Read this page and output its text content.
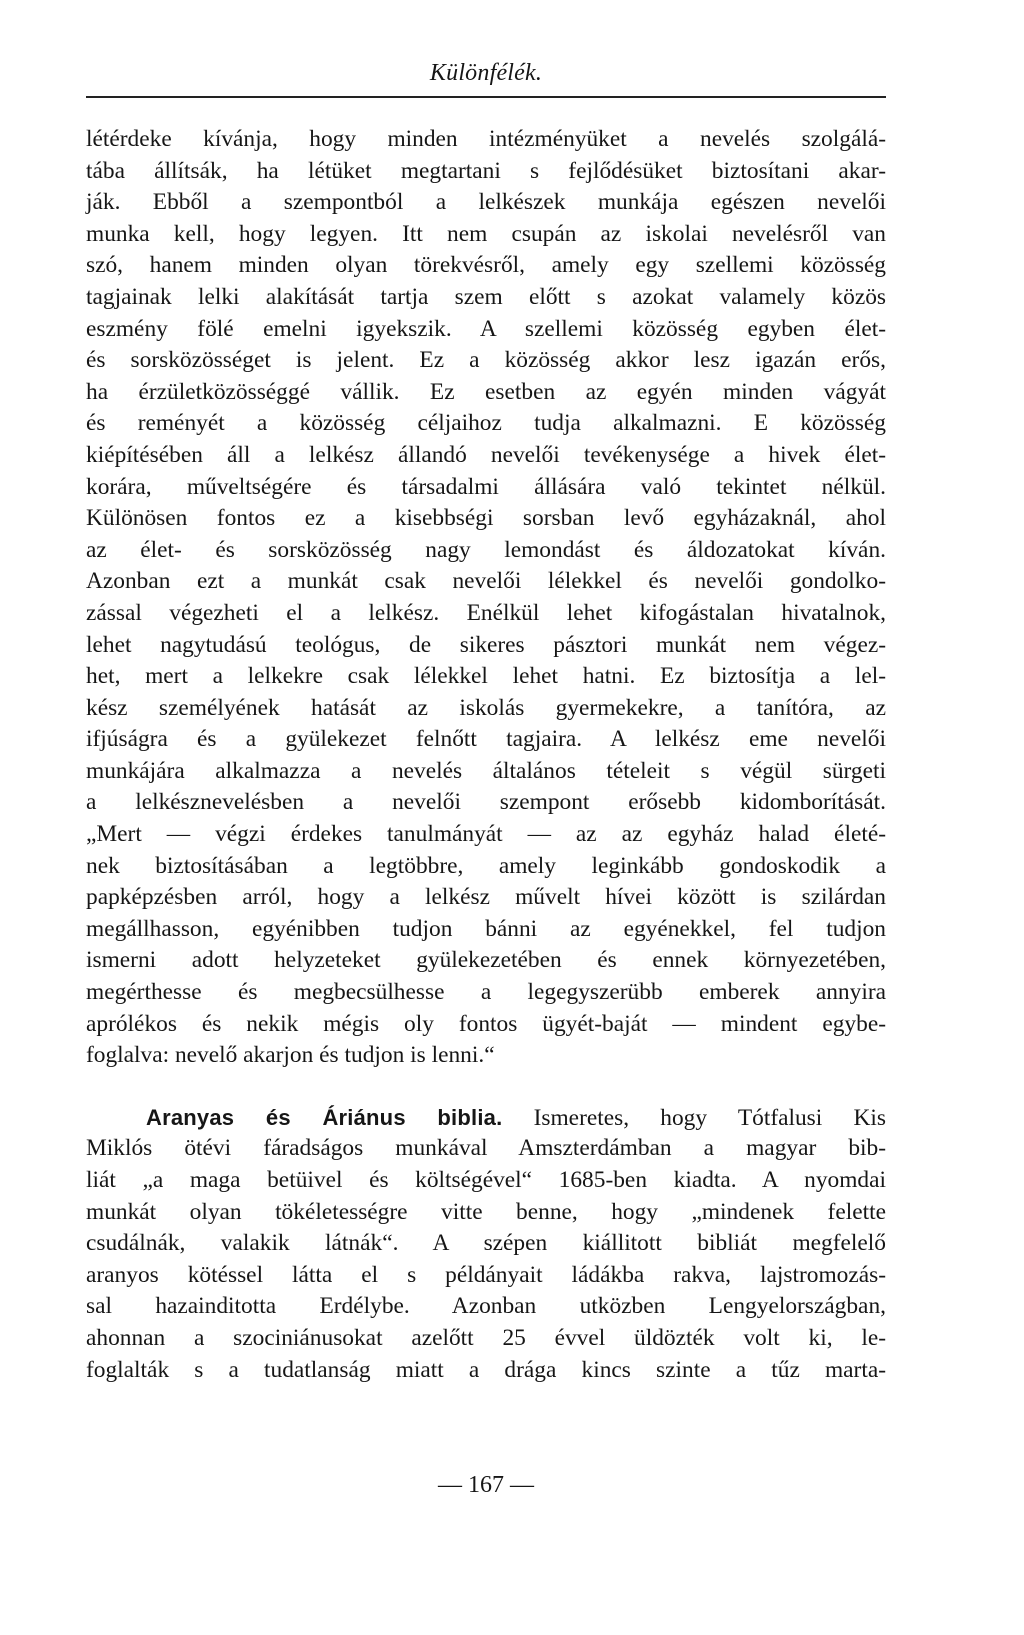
Különfélék.
létérdeke kívánja, hogy minden intézményüket a nevelés szolgálá-
tába állítsák, ha létüket megtartani s fejlődésüket biztosítani akar-
ják. Ebből a szempontból a lelkészek munkája egészen nevelői
munka kell, hogy legyen. Itt nem csupán az iskolai nevelésről van
szó, hanem minden olyan törekvésről, amely egy szellemi közösség
tagjainak lelki alakítását tartja szem előtt s azokat valamely közös
eszmény fölé emelni igyekszik. A szellemi közösség egyben élet-
és sorsközösséget is jelent. Ez a közösség akkor lesz igazán erős,
ha érzületközösséggé vállik. Ez esetben az egyén minden vágyát
és reményét a közösség céljaihoz tudja alkalmazni. E közösség
kiépítésében áll a lelkész állandó nevelői tevékenysége a hivek élet-
korára, műveltségére és társadalmi állására való tekintet nélkül.
Különösen fontos ez a kisebbségi sorsban levő egyházaknál, ahol
az élet- és sorsközösség nagy lemondást és áldozatokat kíván.
Azonban ezt a munkát csak nevelői lélekkel és nevelői gondolko-
zással végezheti el a lelkész. Enélkül lehet kifogástalan hivatalnok,
lehet nagytudású teológus, de sikeres pásztori munkát nem végez-
het, mert a lelkekre csak lélekkel lehet hatni. Ez biztosítja a lel-
kész személyének hatását az iskolás gyermekekre, a tanítóra, az
ifjúságra és a gyülekezet felnőtt tagjaira. A lelkész eme nevelői
munkájára alkalmazza a nevelés általános tételeit s végül sürgeti
a lelkésznevelésben a nevelői szempont erősebb kidomborítását.
„Mert — végzi érdekes tanulmányát — az az egyház halad életé-
nek biztosításában a legtöbbre, amely leginkább gondoskodik a
papképzésben arról, hogy a lelkész művelt hívei között is szilárdan
megállhasson, egyénibben tudjon bánni az egyénekkel, fel tudjon
ismerni adott helyzeteket gyülekezetében és ennek környezetében,
megérthesse és megbecsülhesse a legegyszerübb emberek annyira
aprólékos és nekik mégis oly fontos ügyét-baját — mindent egybe-
foglalva: nevelő akarjon és tudjon is lenni.“
Aranyas és Áriánus biblia. Ismeretes, hogy Tótfalusi Kis
Miklós ötévi fáradságos munkával Amszterdámban a magyar bib-
liát „a maga betüivel és költségével“ 1685-ben kiadta. A nyomdai
munkát olyan tökéletességre vitte benne, hogy „mindenek felette
csudálnák, valakik látnák“. A szépen kiállitott bibliát megfelelő
aranyos kötéssel látta el s példányait ládákba rakva, lajstromozás-
sal hazainditotta Erdélybe. Azonban utközben Lengyelországban,
ahonnan a szociniánusokat azelőtt 25 évvel üldözték volt ki, le-
foglalták s a tudatlanság miatt a drága kincs szinte a tűz marta-
— 167 —
